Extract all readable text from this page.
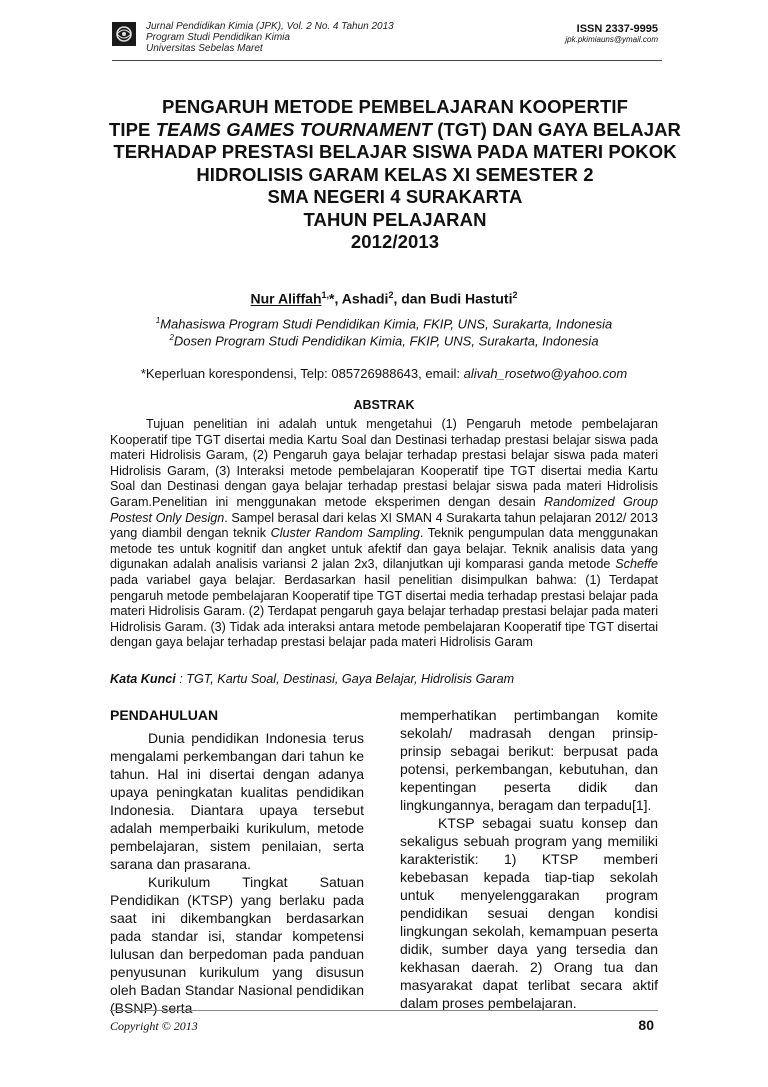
Jurnal Pendidikan Kimia (JPK), Vol. 2 No. 4 Tahun 2013
Program Studi Pendidikan Kimia
Universitas Sebelas Maret
ISSN 2337-9995
jpk.pkimiauns@ymail.com
PENGARUH METODE PEMBELAJARAN KOOPERTIF
TIPE TEAMS GAMES TOURNAMENT (TGT) DAN GAYA BELAJAR
TERHADAP PRESTASI BELAJAR SISWA PADA MATERI POKOK
HIDROLISIS GARAM KELAS XI SEMESTER 2
SMA NEGERI 4 SURAKARTA
TAHUN PELAJARAN
2012/2013
Nur Aliffah$^{1,}$*, Ashadi$^2$, dan Budi Hastuti$^2$
$^1$Mahasiswa Program Studi Pendidikan Kimia, FKIP, UNS, Surakarta, Indonesia
$^2$Dosen Program Studi Pendidikan Kimia, FKIP, UNS, Surakarta, Indonesia
*Keperluan korespondensi, Telp: 085726988643, email: alivah_rosetwo@yahoo.com
ABSTRAK

Tujuan penelitian ini adalah untuk mengetahui (1) Pengaruh metode pembelajaran Kooperatif tipe TGT disertai media Kartu Soal dan Destinasi terhadap prestasi belajar siswa pada materi Hidrolisis Garam, (2) Pengaruh gaya belajar terhadap prestasi belajar siswa pada materi Hidrolisis Garam, (3) Interaksi metode pembelajaran Kooperatif tipe TGT disertai media Kartu Soal dan Destinasi dengan gaya belajar terhadap prestasi belajar siswa pada materi Hidrolisis Garam.Penelitian ini menggunakan metode eksperimen dengan desain Randomized Group Postest Only Design. Sampel berasal dari kelas XI SMAN 4 Surakarta tahun pelajaran 2012/ 2013 yang diambil dengan teknik Cluster Random Sampling. Teknik pengumpulan data menggunakan metode tes untuk kognitif dan angket untuk afektif dan gaya belajar. Teknik analisis data yang digunakan adalah analisis variansi 2 jalan 2x3, dilanjutkan uji komparasi ganda metode Scheffe pada variabel gaya belajar. Berdasarkan hasil penelitian disimpulkan bahwa: (1) Terdapat pengaruh metode pembelajaran Kooperatif tipe TGT disertai media terhadap prestasi belajar pada materi Hidrolisis Garam. (2) Terdapat pengaruh gaya belajar terhadap prestasi belajar pada materi Hidrolisis Garam. (3) Tidak ada interaksi antara metode pembelajaran Kooperatif tipe TGT disertai dengan gaya belajar terhadap prestasi belajar pada materi Hidrolisis Garam

Kata Kunci : TGT, Kartu Soal, Destinasi, Gaya Belajar, Hidrolisis Garam
PENDAHULUAN

Dunia pendidikan Indonesia terus mengalami perkembangan dari tahun ke tahun. Hal ini disertai dengan adanya upaya peningkatan kualitas pendidikan Indonesia. Diantara upaya tersebut adalah memperbaiki kurikulum, metode pembelajaran, sistem penilaian, serta sarana dan prasarana.

Kurikulum Tingkat Satuan Pendidikan (KTSP) yang berlaku pada saat ini dikembangkan berdasarkan pada standar isi, standar kompetensi lulusan dan berpedoman pada panduan penyusunan kurikulum yang disusun oleh Badan Standar Nasional pendidikan (BSNP) serta

memperhatikan pertimbangan komite sekolah/ madrasah dengan prinsip-prinsip sebagai berikut: berpusat pada potensi, perkembangan, kebutuhan, dan kepentingan peserta didik dan lingkungannya, beragam dan terpadu[1].

KTSP sebagai suatu konsep dan sekaligus sebuah program yang memiliki karakteristik: 1) KTSP memberi kebebasan kepada tiap-tiap sekolah untuk menyelenggarakan program pendidikan sesuai dengan kondisi lingkungan sekolah, kemampuan peserta didik, sumber daya yang tersedia dan kekhasan daerah. 2) Orang tua dan masyarakat dapat terlibat secara aktif dalam proses pembelajaran.

Copyright © 2013	80
